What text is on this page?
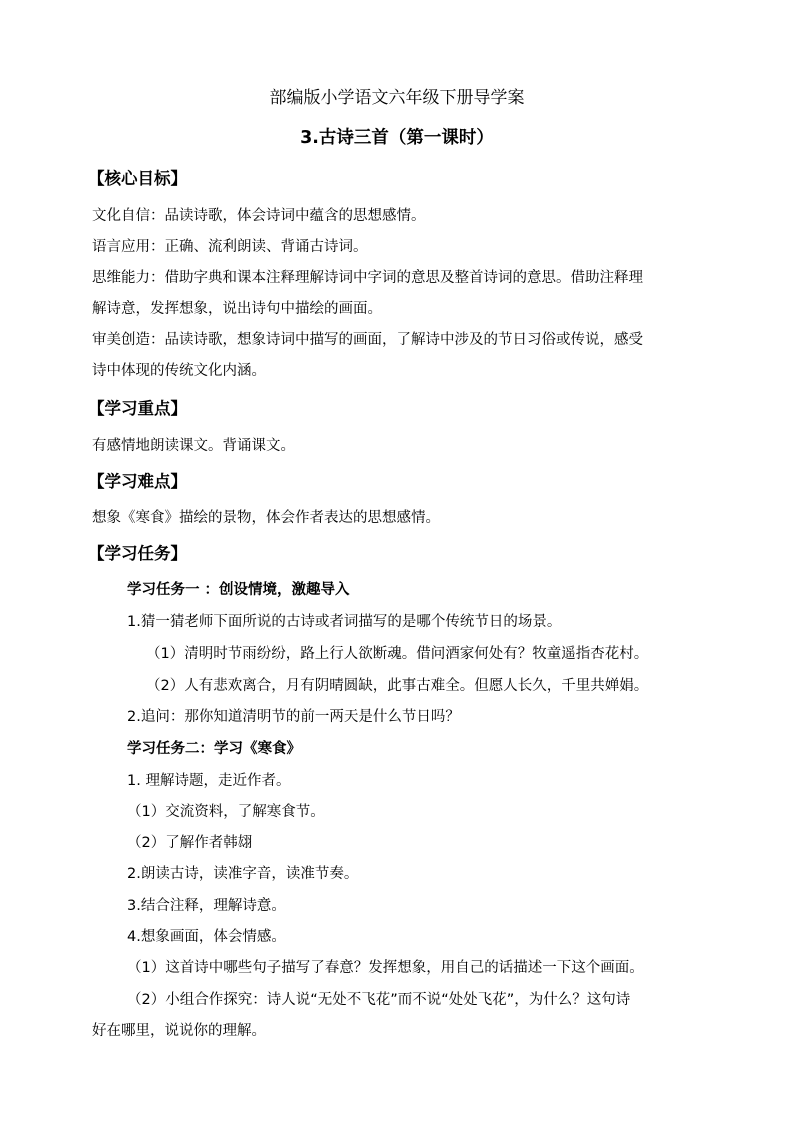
部编版小学语文六年级下册导学案
3.古诗三首（第一课时）
【核心目标】
文化自信：品读诗歌，体会诗词中蕴含的思想感情。
语言应用：正确、流利朗读、背诵古诗词。
思维能力：借助字典和课本注释理解诗词中字词的意思及整首诗词的意思。借助注释理
解诗意，发挥想象，说出诗句中描绘的画面。
审美创造：品读诗歌，想象诗词中描写的画面，了解诗中涉及的节日习俗或传说，感受
诗中体现的传统文化内涵。
【学习重点】
有感情地朗读课文。背诵课文。
【学习难点】
想象《寒食》描绘的景物，体会作者表达的思想感情。
【学习任务】
学习任务一 ：创设情境，激趣导入
1.猜一猜老师下面所说的古诗或者词描写的是哪个传统节日的场景。
（1）清明时节雨纷纷，路上行人欲断魂。借问酒家何处有？牧童遥指杏花村。
（2）人有悲欢离合，月有阴晴圆缺，此事古难全。但愿人长久，千里共婵娟。
2.追问：那你知道清明节的前一两天是什么节日吗？
学习任务二：学习《寒食》
1. 理解诗题，走近作者。
（1）交流资料，了解寒食节。
（2）了解作者韩翃
2.朗读古诗，读准字音，读准节奏。
3.结合注释，理解诗意。
4.想象画面，体会情感。
（1）这首诗中哪些句子描写了春意？发挥想象，用自己的话描述一下这个画面。
（2）小组合作探究：诗人说“无处不飞花”而不说“处处飞花”，为什么？这句诗
好在哪里，说说你的理解。
